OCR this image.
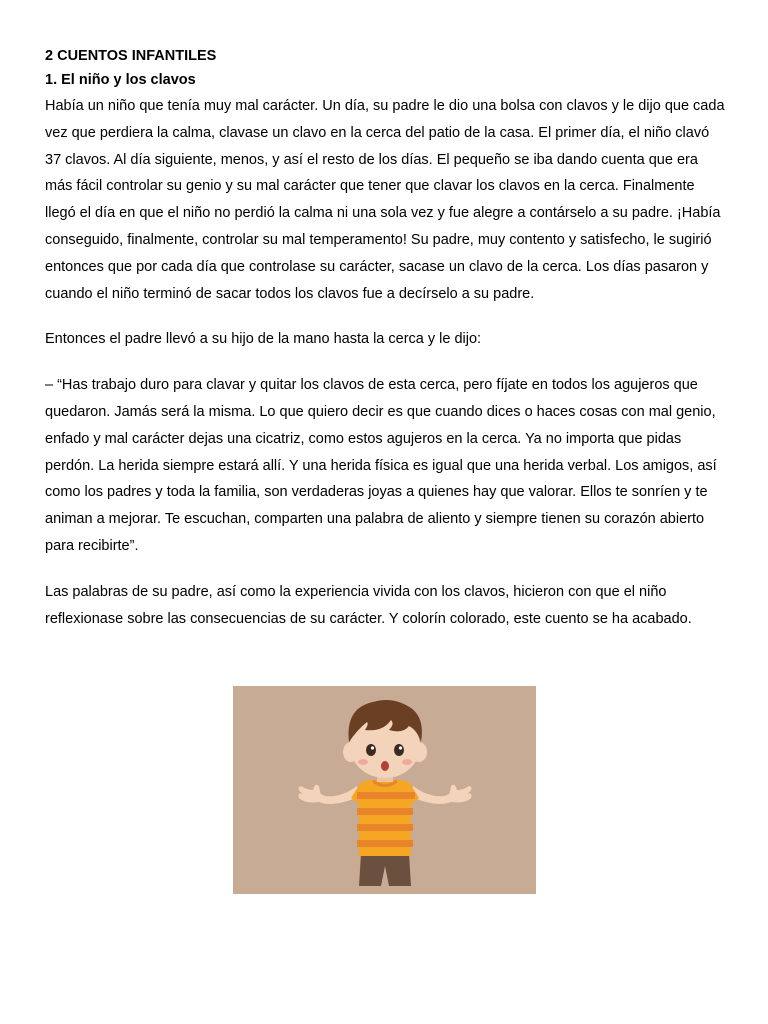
2 CUENTOS INFANTILES

1. El niño y los clavos

Había un niño que tenía muy mal carácter. Un día, su padre le dio una bolsa con clavos y le dijo que cada vez que perdiera la calma, clavase un clavo en la cerca del patio de la casa. El primer día, el niño clavó 37 clavos. Al día siguiente, menos, y así el resto de los días. El pequeño se iba dando cuenta que era más fácil controlar su genio y su mal carácter que tener que clavar los clavos en la cerca. Finalmente llegó el día en que el niño no perdió la calma ni una sola vez y fue alegre a contárselo a su padre. ¡Había conseguido, finalmente, controlar su mal temperamento! Su padre, muy contento y satisfecho, le sugirió entonces que por cada día que controlase su carácter, sacase un clavo de la cerca. Los días pasaron y cuando el niño terminó de sacar todos los clavos fue a decírselo a su padre.

Entonces el padre llevó a su hijo de la mano hasta la cerca y le dijo:

– “Has trabajo duro para clavar y quitar los clavos de esta cerca, pero fíjate en todos los agujeros que quedaron. Jamás será la misma. Lo que quiero decir es que cuando dices o haces cosas con mal genio, enfado y mal carácter dejas una cicatriz, como estos agujeros en la cerca. Ya no importa que pidas perdón. La herida siempre estará allí. Y una herida física es igual que una herida verbal. Los amigos, así como los padres y toda la familia, son verdaderas joyas a quienes hay que valorar. Ellos te sonríen y te animan a mejorar. Te escuchan, comparten una palabra de aliento y siempre tienen su corazón abierto para recibirte”.

Las palabras de su padre, así como la experiencia vivida con los clavos, hicieron con que el niño reflexionase sobre las consecuencias de su carácter. Y colorín colorado, este cuento se ha acabado.
